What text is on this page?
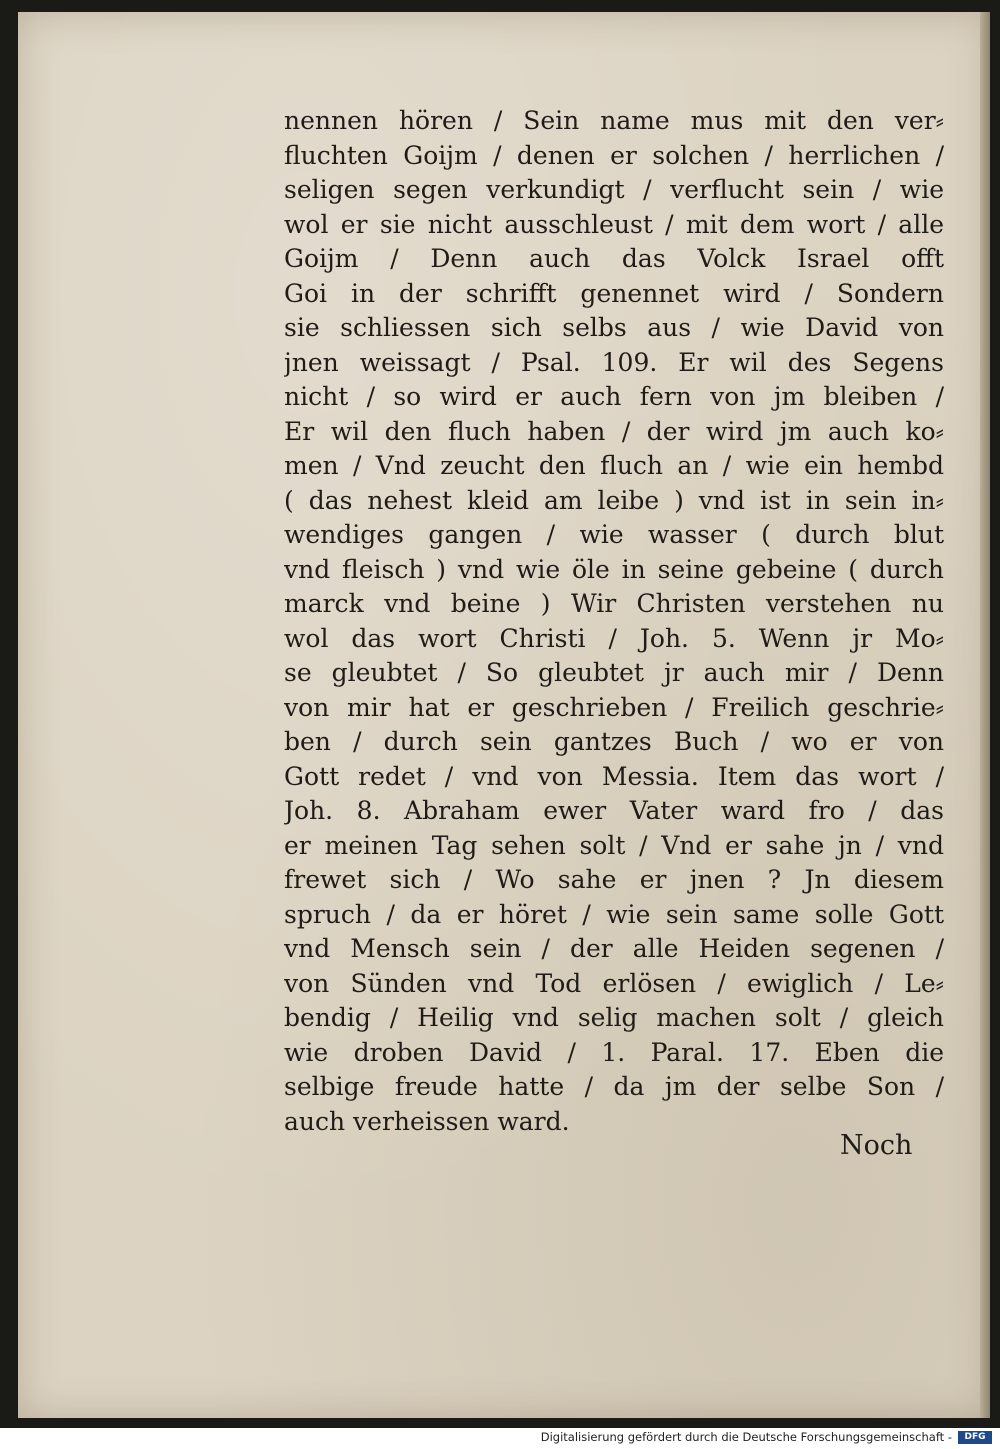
nennen hören / Sein name mus mit den ver⸗
fluchten Goijm / denen er solchen / herrlichen /
seligen segen verkundigt / verflucht sein / wie
wol er sie nicht ausschleust / mit dem wort / alle
Goijm / Denn auch das Volck Israel offt
Goi in der schrifft genennet wird / Sondern
sie schliessen sich selbs aus / wie David von
jnen weissagt / Psal. 109. Er wil des Segens
nicht / so wird er auch fern von jm bleiben /
Er wil den fluch haben / der wird jm auch ko⸗
men / Vnd zeucht den fluch an / wie ein hembd
( das nehest kleid am leibe ) vnd ist in sein in⸗
wendiges gangen / wie wasser ( durch blut
vnd fleisch ) vnd wie öle in seine gebeine ( durch
marck vnd beine ) Wir Christen verstehen nu
wol das wort Christi / Joh. 5. Wenn jr Mo⸗
se gleubtet / So gleubtet jr auch mir / Denn
von mir hat er geschrieben / Freilich geschrie⸗
ben / durch sein gantzes Buch / wo er von
Gott redet / vnd von Messia. Item das wort /
Joh. 8. Abraham ewer Vater ward fro / das
er meinen Tag sehen solt / Vnd er sahe jn / vnd
frewet sich / Wo sahe er jnen ? Jn diesem
spruch / da er höret / wie sein same solle Gott
vnd Mensch sein / der alle Heiden segenen /
von Sünden vnd Tod erlösen / ewiglich / Le⸗
bendig / Heilig vnd selig machen solt / gleich
wie droben David / 1. Paral. 17. Eben die
selbige freude hatte / da jm der selbe Son /
auch verheissen ward.
Noch
Digitalisierung gefördert durch die Deutsche Forschungsgemeinschaft -	DFG
